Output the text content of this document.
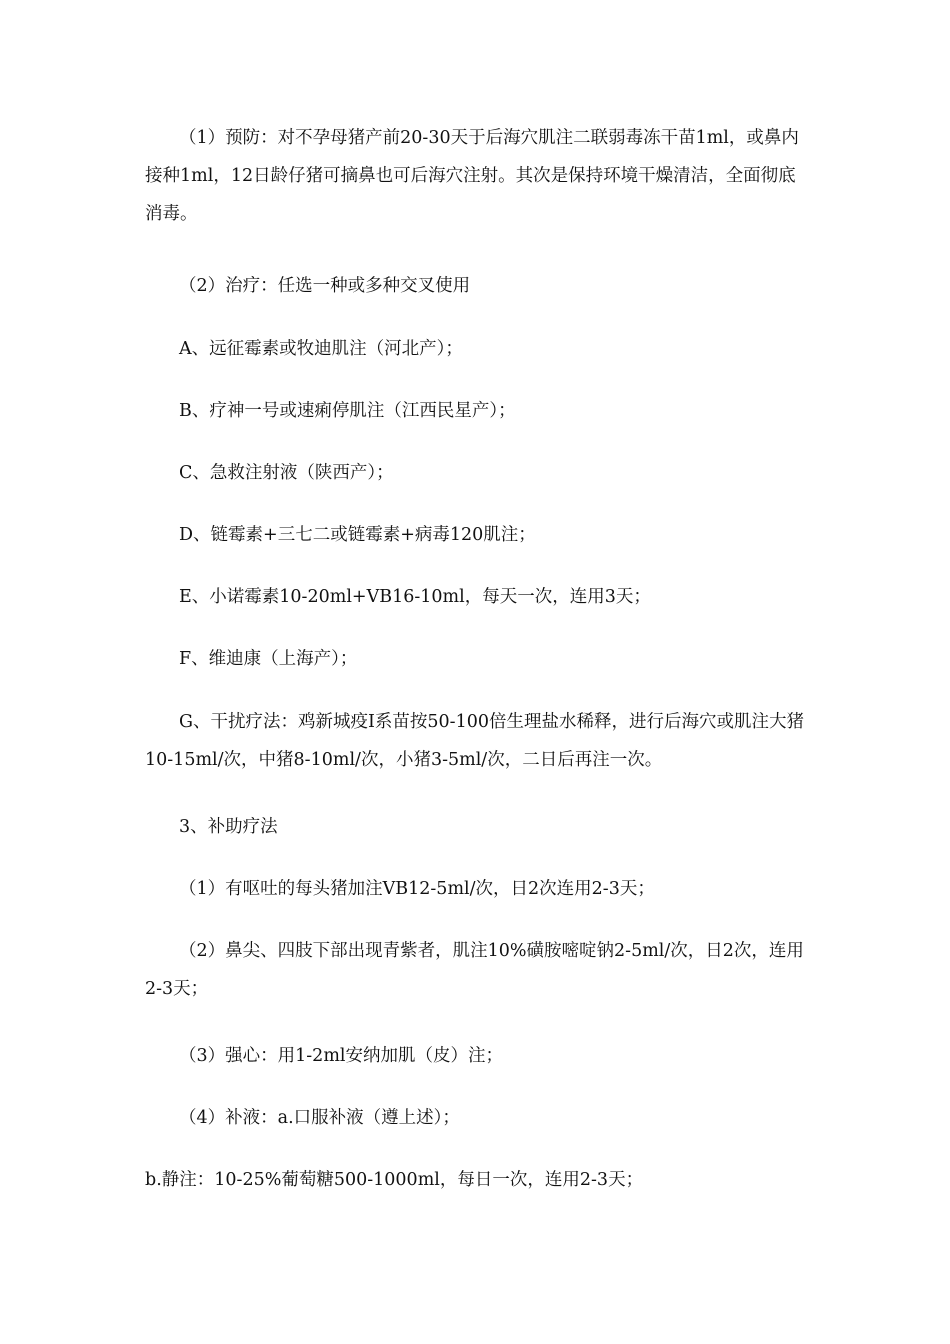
（1）预防：对不孕母猪产前20-30天于后海穴肌注二联弱毒冻干苗1ml，或鼻内接种1ml，12日龄仔猪可摘鼻也可后海穴注射。其次是保持环境干燥清洁，全面彻底消毒。

（2）治疗：任选一种或多种交叉使用

A、远征霉素或牧迪肌注（河北产）；

B、疗神一号或速痢停肌注（江西民星产）；

C、急救注射液（陕西产）；

D、链霉素+三七二或链霉素+病毒120肌注；

E、小诺霉素10-20ml+VB16-10ml，每天一次，连用3天；

F、维迪康（上海产）；

G、干扰疗法：鸡新城疫Ⅰ系苗按50-100倍生理盐水稀释，进行后海穴或肌注大猪10-15ml/次，中猪8-10ml/次，小猪3-5ml/次，二日后再注一次。

3、补助疗法

（1）有呕吐的每头猪加注VB12-5ml/次，日2次连用2-3天；

（2）鼻尖、四肢下部出现青紫者，肌注10%磺胺嘧啶钠2-5ml/次，日2次，连用2-3天；

（3）强心：用1-2ml安纳加肌（皮）注；

（4）补液：a.口服补液（遵上述）；

b.静注：10-25%葡萄糖500-1000ml，每日一次，连用2-3天；
